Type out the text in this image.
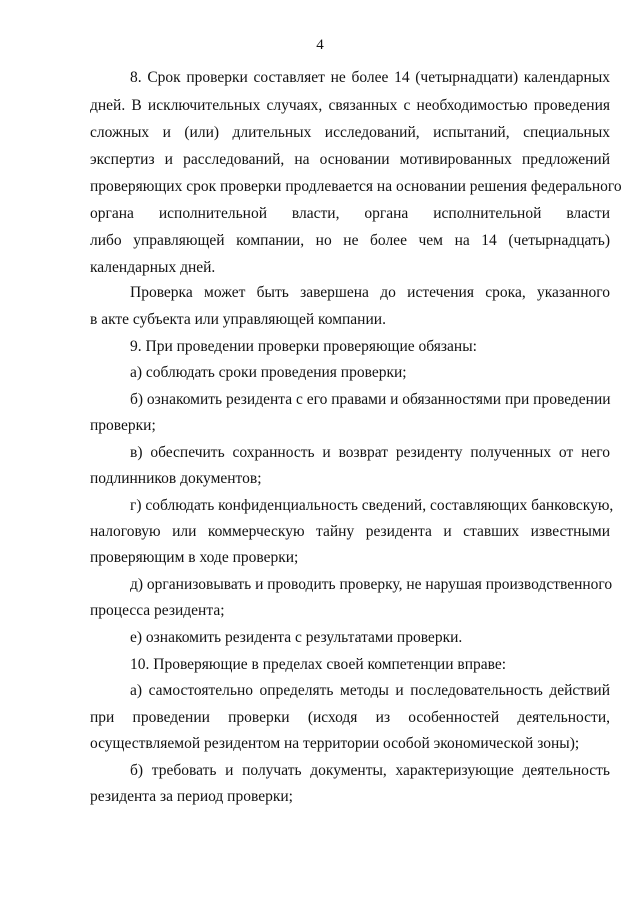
4
8. Срок проверки составляет не более 14 (четырнадцати) календарных
дней. В исключительных случаях, связанных с необходимостью проведения
сложных и (или) длительных исследований, испытаний, специальных
экспертиз и расследований, на основании мотивированных предложений
проверяющих срок проверки продлевается на основании решения федерального
органа исполнительной власти, органа исполнительной власти
либо управляющей компании, но не более чем на 14 (четырнадцать)
календарных дней.
Проверка может быть завершена до истечения срока, указанного
в акте субъекта или управляющей компании.
9. При проведении проверки проверяющие обязаны:
а) соблюдать сроки проведения проверки;
б) ознакомить резидента с его правами и обязанностями при проведении
проверки;
в) обеспечить сохранность и возврат резиденту полученных от него
подлинников документов;
г) соблюдать конфиденциальность сведений, составляющих банковскую,
налоговую или коммерческую тайну резидента и ставших известными
проверяющим в ходе проверки;
д) организовывать и проводить проверку, не нарушая производственного
процесса резидента;
е) ознакомить резидента с результатами проверки.
10. Проверяющие в пределах своей компетенции вправе:
а) самостоятельно определять методы и последовательность действий
при проведении проверки (исходя из особенностей деятельности,
осуществляемой резидентом на территории особой экономической зоны);
б) требовать и получать документы, характеризующие деятельность
резидента за период проверки;
